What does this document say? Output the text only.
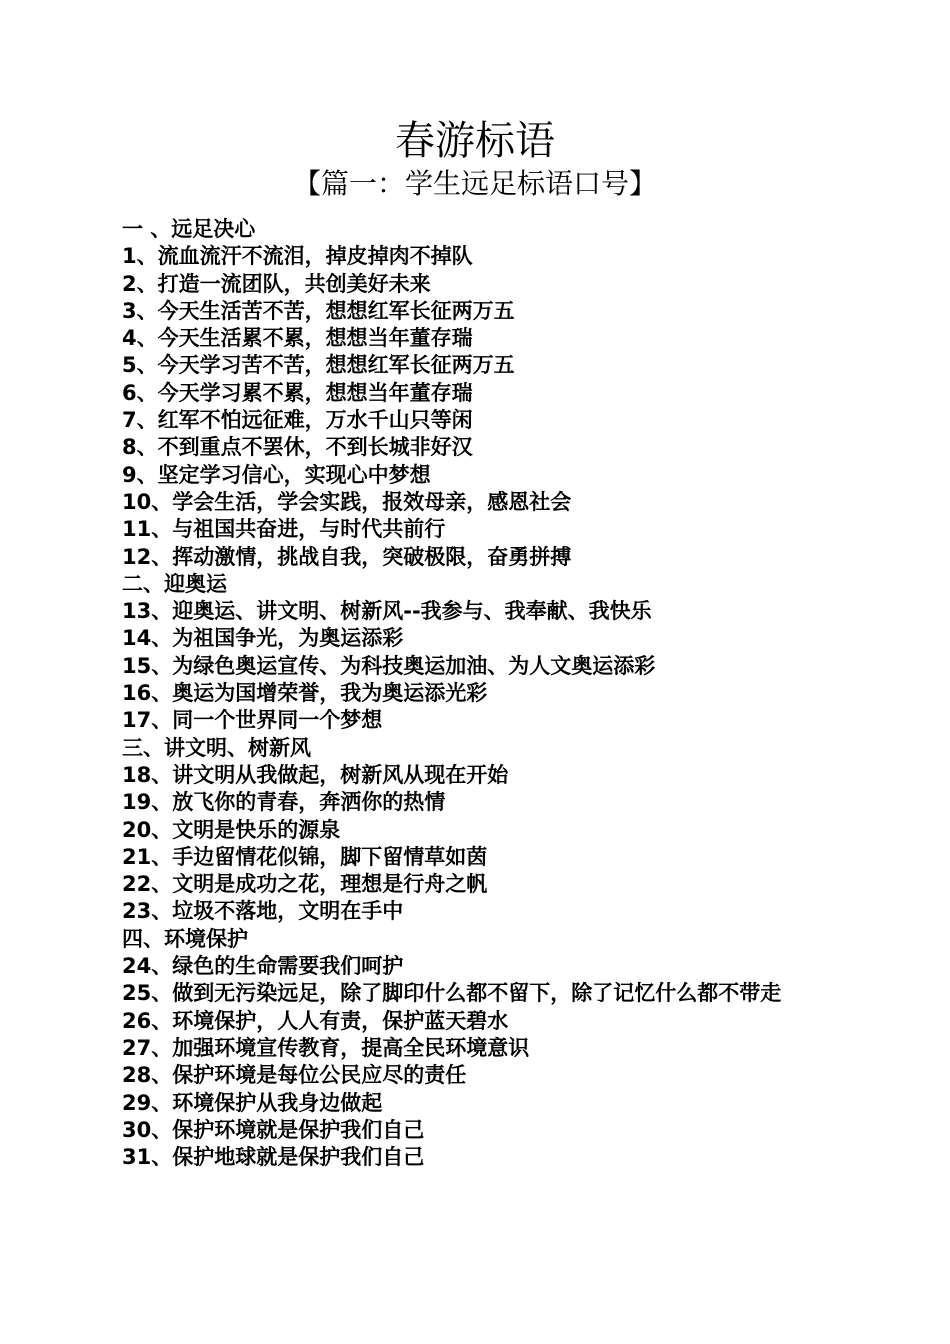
春游标语
【篇一：学生远足标语口号】
一 、远足决心
1、流血流汗不流泪，掉皮掉肉不掉队
2、打造一流团队，共创美好未来
3、今天生活苦不苦，想想红军长征两万五
4、今天生活累不累，想想当年董存瑞
5、今天学习苦不苦，想想红军长征两万五
6、今天学习累不累，想想当年董存瑞
7、红军不怕远征难，万水千山只等闲
8、不到重点不罢休，不到长城非好汉
9、坚定学习信心，实现心中梦想
10、学会生活，学会实践，报效母亲，感恩社会
11、与祖国共奋进，与时代共前行
12、挥动激情，挑战自我，突破极限，奋勇拼搏
二、迎奥运
13、迎奥运、讲文明、树新风--我参与、我奉献、我快乐
14、为祖国争光，为奥运添彩
15、为绿色奥运宣传、为科技奥运加油、为人文奥运添彩
16、奥运为国增荣誉，我为奥运添光彩
17、同一个世界同一个梦想
三、讲文明、树新风
18、讲文明从我做起，树新风从现在开始
19、放飞你的青春，奔洒你的热情
20、文明是快乐的源泉
21、手边留情花似锦，脚下留情草如茵
22、文明是成功之花，理想是行舟之帆
23、垃圾不落地，文明在手中
四、环境保护
24、绿色的生命需要我们呵护
25、做到无污染远足，除了脚印什么都不留下，除了记忆什么都不带走
26、环境保护，人人有责，保护蓝天碧水
27、加强环境宣传教育，提高全民环境意识
28、保护环境是每位公民应尽的责任
29、环境保护从我身边做起
30、保护环境就是保护我们自己
31、保护地球就是保护我们自己
